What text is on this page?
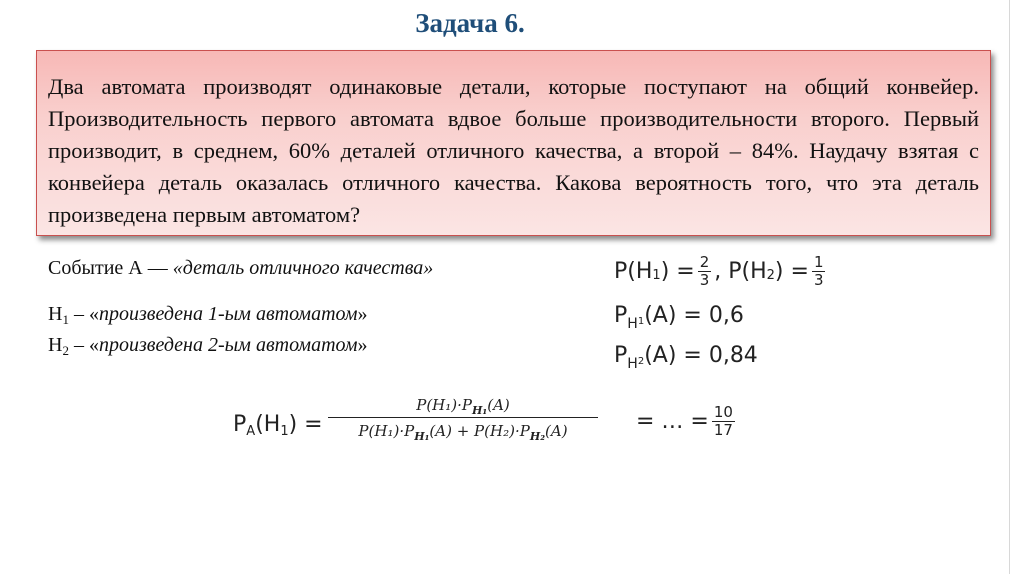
Задача 6.

Два автомата производят одинаковые детали, которые поступают на общий конвейер. Производительность первого автомата вдвое больше производительности второго. Первый производит, в среднем, 60% деталей отличного качества, а второй – 84%. Наудачу взятая с конвейера деталь оказалась отличного качества. Какова вероятность того, что эта деталь произведена первым автоматом?

Событие А — «деталь отличного качества»
$H_1$ – «произведена 1-ым автоматом»
$H_2$ – «произведена 2-ым автоматом»
P(H 1 ) = $\frac{2}{3}$ , P(H 2 ) = $\frac{1}{3}$
$P_H1(A) = 0,6$
$P_H2(A) = 0,84$
PA(H1) =
$P(H_1)\cdot P_{H_1}(A)$
$P(H_1)\cdot P_{H_1}(A) + P(H_2)\cdot P_{H_2}(A)$	= … = $\frac{10}{17}$
